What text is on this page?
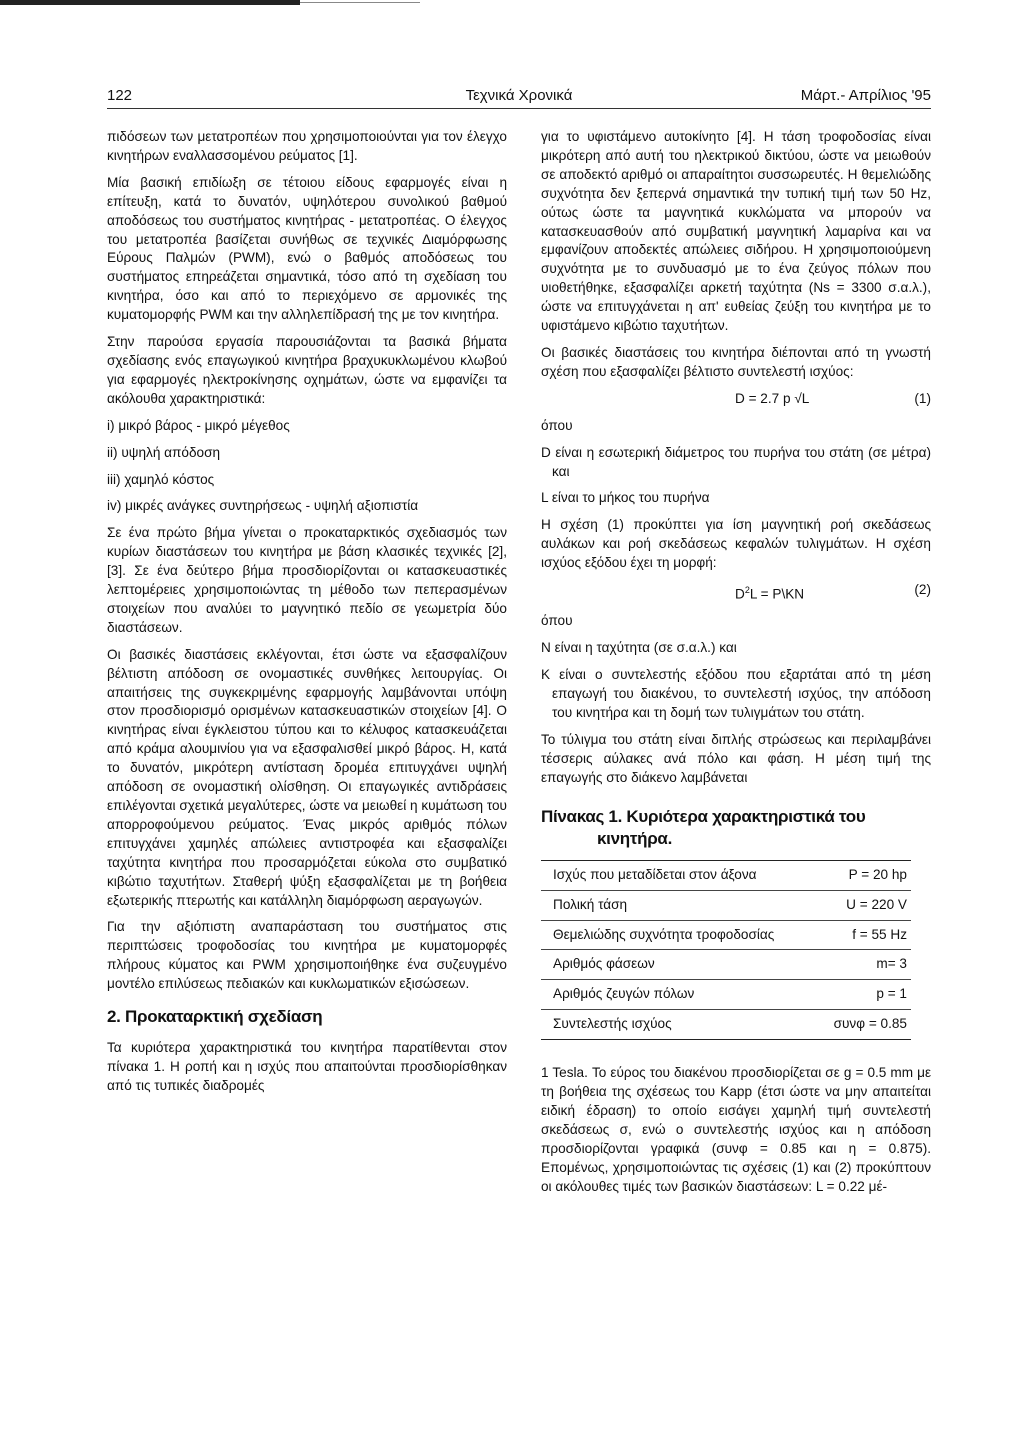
122	Τεχνικά Χρονικά	Μάρτ.- Απρίλιος '95

πιδόσεων των μετατροπέων που χρησιμοποιούνται για τον έλεγχο κινητήρων εναλλασσομένου ρεύματος [1].

Μία βασική επιδίωξη σε τέτοιου είδους εφαρμογές είναι η επίτευξη, κατά το δυνατόν, υψηλότερου συνολικού βαθμού αποδόσεως του συστήματος κινητήρας - μετατροπέας. Ο έλεγχος του μετατροπέα βασίζεται συνήθως σε τεχνικές Διαμόρφωσης Εύρους Παλμών (PWM), ενώ ο βαθμός αποδόσεως του συστήματος επηρεάζεται σημαντικά, τόσο από τη σχεδίαση του κινητήρα, όσο και από το περιεχόμενο σε αρμονικές της κυματομορφής PWM και την αλληλεπίδρασή της με τον κινητήρα.

Στην παρούσα εργασία παρουσιάζονται τα βασικά βήματα σχεδίασης ενός επαγωγικού κινητήρα βραχυκυκλωμένου κλωβού για εφαρμογές ηλεκτροκίνησης οχημάτων, ώστε να εμφανίζει τα ακόλουθα χαρακτηριστικά:

i) μικρό βάρος - μικρό μέγεθος
ii) υψηλή απόδοση
iii) χαμηλό κόστος
iv) μικρές ανάγκες συντηρήσεως - υψηλή αξιοπιστία

Σε ένα πρώτο βήμα γίνεται ο προκαταρκτικός σχεδιασμός των κυρίων διαστάσεων του κινητήρα με βάση κλασικές τεχνικές [2], [3]. Σε ένα δεύτερο βήμα προσδιορίζονται οι κατασκευαστικές λεπτομέρειες χρησιμοποιώντας τη μέθοδο των πεπερασμένων στοιχείων που αναλύει το μαγνητικό πεδίο σε γεωμετρία δύο διαστάσεων.

Οι βασικές διαστάσεις εκλέγονται, έτσι ώστε να εξασφαλίζουν βέλτιστη απόδοση σε ονομαστικές συνθήκες λειτουργίας. Οι απαιτήσεις της συγκεκριμένης εφαρμογής λαμβάνονται υπόψη στον προσδιορισμό ορισμένων κατασκευαστικών στοιχείων [4]. Ο κινητήρας είναι έγκλειστου τύπου και το κέλυφος κατασκευάζεται από κράμα αλουμινίου για να εξασφαλισθεί μικρό βάρος. Η, κατά το δυνατόν, μικρότερη αντίσταση δρομέα επιτυγχάνει υψηλή απόδοση σε ονομαστική ολίσθηση. Οι επαγωγικές αντιδράσεις επιλέγονται σχετικά μεγαλύτερες, ώστε να μειωθεί η κυμάτωση του απορροφούμενου ρεύματος. Ένας μικρός αριθμός πόλων επιτυγχάνει χαμηλές απώλειες αντιστροφέα και εξασφαλίζει ταχύτητα κινητήρα που προσαρμόζεται εύκολα στο συμβατικό κιβώτιο ταχυτήτων. Σταθερή ψύξη εξασφαλίζεται με τη βοήθεια εξωτερικής πτερωτής και κατάλληλη διαμόρφωση αεραγωγών.

Για την αξιόπιστη αναπαράσταση του συστήματος στις περιπτώσεις τροφοδοσίας του κινητήρα με κυματομορφές πλήρους κύματος και PWM χρησιμοποιήθηκε ένα συζευγμένο μοντέλο επιλύσεως πεδιακών και κυκλωματικών εξισώσεων.

2. Προκαταρκτική σχεδίαση

Τα κυριότερα χαρακτηριστικά του κινητήρα παρατίθενται στον πίνακα 1. Η ροπή και η ισχύς που απαιτούνται προσδιορίσθηκαν από τις τυπικές διαδρομές

για το υφιστάμενο αυτοκίνητο [4]. Η τάση τροφοδοσίας είναι μικρότερη από αυτή του ηλεκτρικού δικτύου, ώστε να μειωθούν σε αποδεκτό αριθμό οι απαραίτητοι συσσωρευτές. Η θεμελιώδης συχνότητα δεν ξεπερνά σημαντικά την τυπική τιμή των 50 Hz, ούτως ώστε τα μαγνητικά κυκλώματα να μπορούν να κατασκευασθούν από συμβατική μαγνητική λαμαρίνα και να εμφανίζουν αποδεκτές απώλειες σιδήρου. Η χρησιμοποιούμενη συχνότητα με το συνδυασμό με το ένα ζεύγος πόλων που υιοθετήθηκε, εξασφαλίζει αρκετή ταχύτητα (Ns = 3300 σ.α.λ.), ώστε να επιτυγχάνεται η απ' ευθείας ζεύξη του κινητήρα με το υφιστάμενο κιβώτιο ταχυτήτων.

Οι βασικές διαστάσεις του κινητήρα διέπονται από τη γνωστή σχέση που εξασφαλίζει βέλτιστο συντελεστή ισχύος:

D = 2.7 p √L	(1)

όπου

D είναι η εσωτερική διάμετρος του πυρήνα του στάτη (σε μέτρα) και

L είναι το μήκος του πυρήνα

Η σχέση (1) προκύπτει για ίση μαγνητική ροή σκεδάσεως αυλάκων και ροή σκεδάσεως κεφαλών τυλιγμάτων. Η σχέση ισχύος εξόδου έχει τη μορφή:

$D^2L$ = P\KN	(2)

όπου

Ν είναι η ταχύτητα (σε σ.α.λ.) και

Κ είναι ο συντελεστής εξόδου που εξαρτάται από τη μέση επαγωγή του διακένου, το συντελεστή ισχύος, την απόδοση του κινητήρα και τη δομή των τυλιγμάτων του στάτη.

Το τύλιγμα του στάτη είναι διπλής στρώσεως και περιλαμβάνει τέσσερις αύλακες ανά πόλο και φάση. Η μέση τιμή της επαγωγής στο διάκενο λαμβάνεται

Πίνακας 1. Κυριότερα χαρακτηριστικά του κινητήρα.
Ισχύς που μεταδίδεται στον άξονα	P = 20 hp
Πολική τάση	U = 220 V
Θεμελιώδης συχνότητα τροφοδοσίας	f = 55 Hz
Αριθμός φάσεων	m= 3
Αριθμός ζευγών πόλων	p = 1
Συντελεστής ισχύος	συνφ = 0.85

1 Tesla. Το εύρος του διακένου προσδιορίζεται σε g = 0.5 mm με τη βοήθεια της σχέσεως του Kapp (έτσι ώστε να μην απαιτείται ειδική έδραση) το οποίο εισάγει χαμηλή τιμή συντελεστή σκεδάσεως σ, ενώ ο συντελεστής ισχύος και η απόδοση προσδιορίζονται γραφικά (συνφ = 0.85 και η = 0.875). Επομένως, χρησιμοποιώντας τις σχέσεις (1) και (2) προκύπτουν οι ακόλουθες τιμές των βασικών διαστάσεων: L = 0.22 μέ-
